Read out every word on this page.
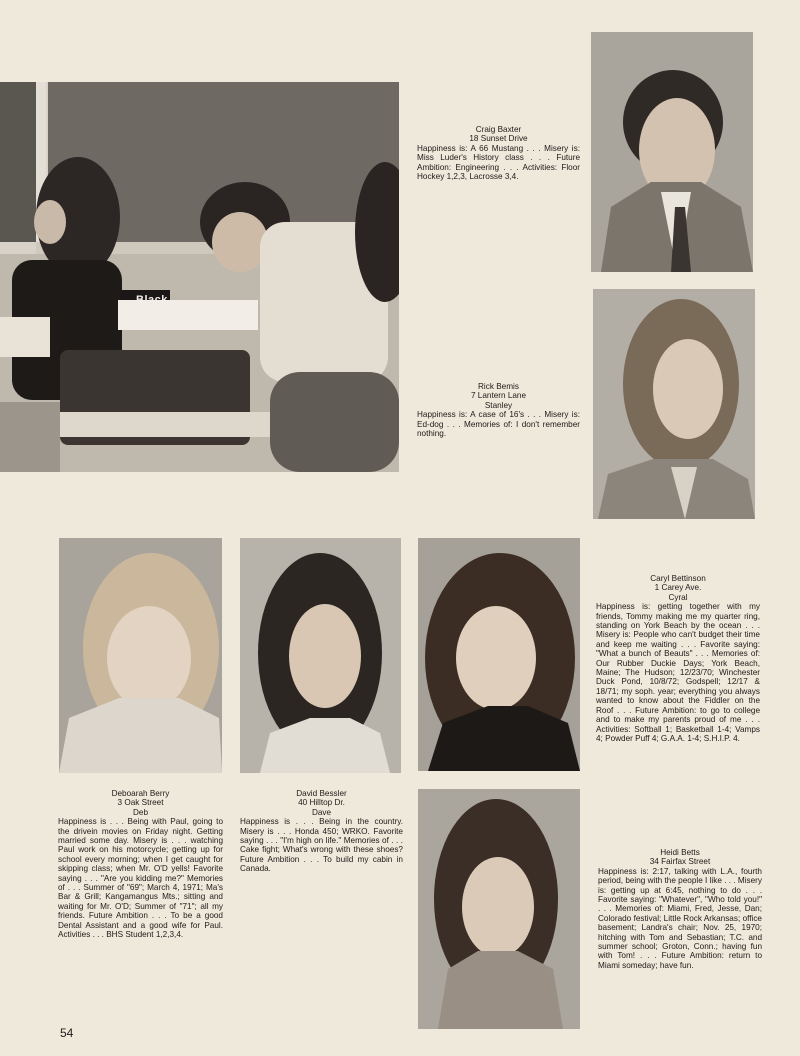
Black
Craig Baxter
18 Sunset Drive
Happiness is: A 66 Mustang . . . Misery is: Miss Luder's History class . . . Future Ambition: Engineering . . . Activities: Floor Hockey 1,2,3, Lacrosse 3,4.
Rick Bemis
7 Lantern Lane
Stanley
Happiness is: A case of 16's . . . Misery is: Ed-dog . . . Memories of: I don't remember nothing.
Deboarah Berry
3 Oak Street
Deb
Happiness is . . . Being with Paul, going to the drivein movies on Friday night. Getting married some day. Misery is . . . watching Paul work on his motorcycle; getting up for school every morning; when I get caught for skipping class; when Mr. O'D yells! Favorite saying . . . "Are you kidding me?" Memories of . . . Summer of "69"; March 4, 1971; Ma's Bar & Grill; Kangamangus Mts.; sitting and waiting for Mr. O'D; Summer of "71"; all my friends. Future Ambition . . . To be a good Dental Assistant and a good wife for Paul. Activities . . . BHS Student 1,2,3,4.
David Bessler
40 Hilltop Dr.
Dave
Happiness is . . . Being in the country. Misery is . . . Honda 450; WRKO. Favorite saying . . . "I'm high on life." Memories of . . . Cake fight; What's wrong with these shoes? Future Ambition . . . To build my cabin in Canada.
Caryl Bettinson
1 Carey Ave.
Cyral
Happiness is: getting together with my friends, Tommy making me my quarter ring, standing on York Beach by the ocean . . . Misery is: People who can't budget their time and keep me waiting . . . Favorite saying: "What a bunch of Beauts" . . . Memories of: Our Rubber Duckie Days; York Beach, Maine; The Hudson; 12/23/70; Winchester Duck Pond, 10/8/72; Godspell; 12/17 & 18/71; my soph. year; everything you always wanted to know about the Fiddler on the Roof . . . Future Ambition: to go to college and to make my parents proud of me . . . Activities: Softball 1; Basketball 1-4; Vamps 4; Powder Puff 4; G.A.A. 1-4; S.H.I.P. 4.
Heidi Betts
34 Fairfax Street
Happiness is: 2:17, talking with L.A., fourth period, being with the people I like . . . Misery is: getting up at 6:45, nothing to do . . . Favorite saying: "Whatever", "Who told you!" . . . Memories of: Miami, Fred, Jesse, Dan; Colorado festival; Little Rock Arkansas; office basement; Landra's chair; Nov. 25, 1970; hitching with Tom and Sebastian; T.C. and summer school; Groton, Conn.; having fun with Tom! . . . Future Ambition: return to Miami someday; have fun.
54
